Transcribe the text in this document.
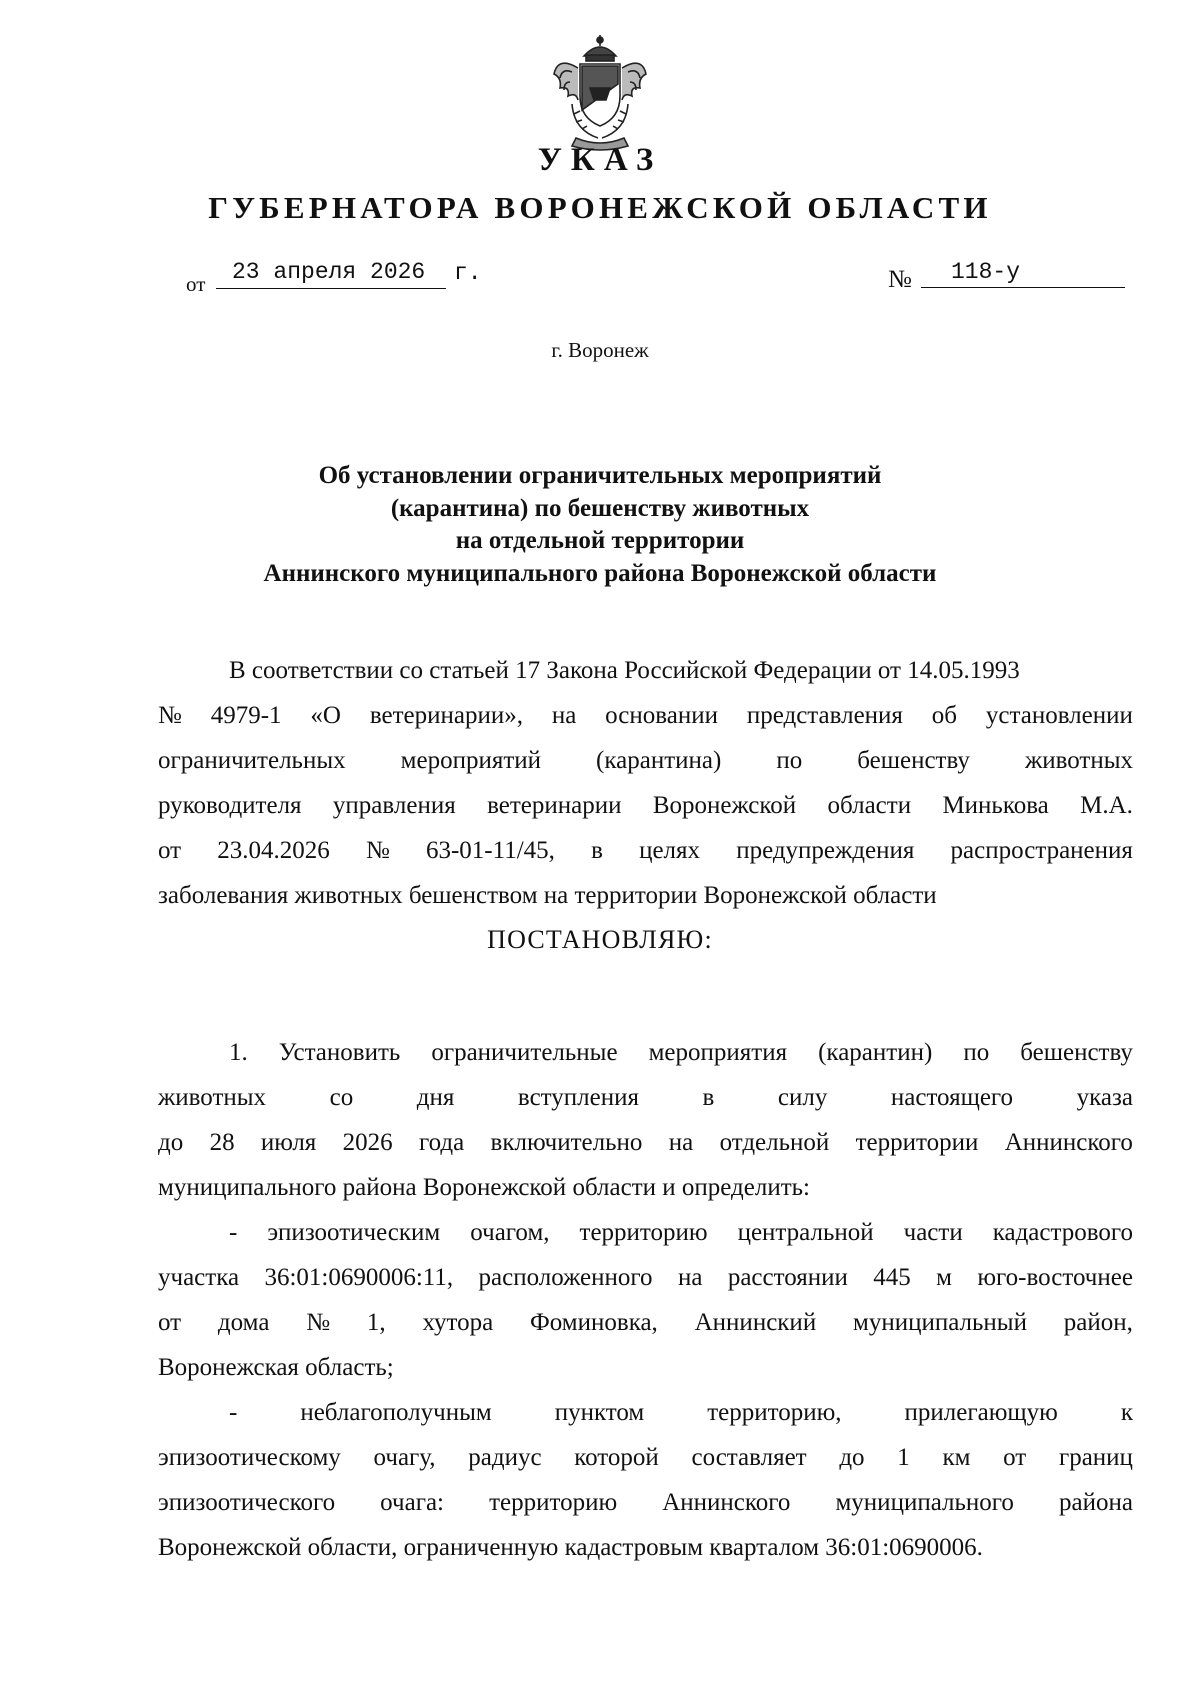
УКАЗ
ГУБЕРНАТОРА ВОРОНЕЖСКОЙ ОБЛАСТИ
от	23 апреля 2026	г.	№	118-у
г. Воронеж
Об установлении ограничительных мероприятий
(карантина) по бешенству животных
на отдельной территории
Аннинского муниципального района Воронежской области
В соответствии со статьей 17 Закона Российской Федерации от 14.05.1993
№ 4979-1 «О ветеринарии», на основании представления об установлении
ограничительных мероприятий (карантина) по бешенству животных
руководителя управления ветеринарии Воронежской области Минькова М.А.
от 23.04.2026 № 63-01-11/45, в целях предупреждения распространения
заболевания животных бешенством на территории Воронежской области
ПОСТАНОВЛЯЮ:
1. Установить ограничительные мероприятия (карантин) по бешенству
животных	со	дня	вступления	в	силу	настоящего	указа
до 28 июля 2026 года включительно на отдельной территории Аннинского
муниципального района Воронежской области и определить:
- эпизоотическим очагом, территорию центральной части кадастрового
участка 36:01:0690006:11, расположенного на расстоянии 445 м юго-восточнее
от дома № 1, хутора Фоминовка, Аннинский муниципальный район,
Воронежская область;
-	неблагополучным	пунктом	территорию,	прилегающую	к
эпизоотическому очагу, радиус которой составляет до 1 км от границ
эпизоотического очага: территорию Аннинского муниципального района
Воронежской области, ограниченную кадастровым кварталом 36:01:0690006.
